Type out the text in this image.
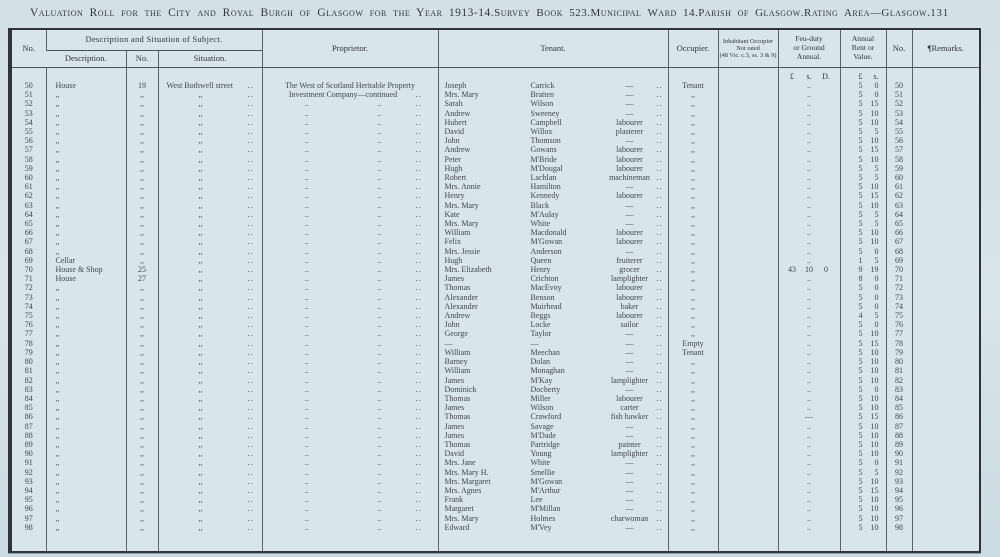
Valuation Roll for the City and Royal Burgh of Glasgow for the Year 1913-14. Survey Book 523. Municipal Ward 14. Parish of Glasgow. Rating Area—Glasgow. 131
No.	Description and Situation of Subject.	Proprietor.	Tenant.	Occupier.	
Inhabitant Occupier
Not rated
(48 Vic. c.3, ss. 3 & 9)

Feu-duty
or Ground
Annual.

Annual
Rent or
Value.
	No.	¶Remarks.
	Description.	No.	Situation.								

								£ s. D.	£ s.		

50	House	19	West Bothwell street ..	The West of Scotland Heritable Property	Joseph Carrick — ..	Tenant		..	5 0	50	
51	,,	,,	,, ..	Investment Company—continued ..	Mrs. Mary Bratten — ..	,,		..	5 0	51	
52	,,	,,	,, ..	.. .. ..	Sarah Wilson — ..	,,		..	5 15	52	
53	,,	,,	,, ..	.. .. ..	Andrew Sweeney — ..	,,		..	5 10	53	
54	,,	,,	,, ..	.. .. ..	Hubert Campbell labourer ..	,,		..	5 10	54	
55	,,	,,	,, ..	.. .. ..	David Willox plasterer ..	,,		..	5 5	55	
56	,,	,,	,, ..	.. .. ..	John Thomson — ..	,,		..	5 10	56	
57	,,	,,	,, ..	.. .. ..	Andrew Gowans labourer ..	,,		..	5 15	57	
58	,,	,,	,, ..	.. .. ..	Peter M'Bride labourer ..	,,		..	5 10	58	
59	,,	,,	,, ..	.. .. ..	Hugh M'Dougal labourer ..	,,		..	5 5	59	
60	,,	,,	,, ..	.. .. ..	Robert Lachlan machineman ..	,,		..	5 5	60	
61	,,	,,	,, ..	.. .. ..	Mrs. Annie Hamilton — ..	,,		..	5 10	61	
62	,,	,,	,, ..	.. .. ..	Henry Kennedy labourer ..	,,		..	5 15	62	
63	,,	,,	,, ..	.. .. ..	Mrs. Mary Black — ..	,,		..	5 10	63	
64	,,	,,	,, ..	.. .. ..	Kate M'Aulay — ..	,,		..	5 5	64	
65	,,	,,	,, ..	.. .. ..	Mrs. Mary White — ..	,,		..	5 5	65	
66	,,	,,	,, ..	.. .. ..	William Macdonald labourer ..	,,		..	5 10	66	
67	,,	,,	,, ..	.. .. ..	Felix M'Gowan labourer ..	,,		..	5 10	67	
68	,,	,,	,, ..	.. .. ..	Mrs. Jessie Anderson — ..	,,		..	5 0	68	
69	Cellar	,,	,, ..	.. .. ..	Hugh Queen fruiterer ..	,,		..	1 5	69	
70	House & Shop	25	,, ..	.. .. ..	Mrs. Elizabeth Henry grocer ..	,,		43 10 0	9 19	70	
71	House	27	,, ..	.. .. ..	James Crichton lamplighter ..	,,		..	8 0	71	
72	,,	,,	,, ..	.. .. ..	Thomas MacEvoy labourer ..	,,		..	5 0	72	
73	,,	,,	,, ..	.. .. ..	Alexander Benson labourer ..	,,		..	5 0	73	
74	,,	,,	,, ..	.. .. ..	Alexander Muirhead baker ..	,,		..	5 0	74	
75	,,	,,	,, ..	.. .. ..	Andrew Beggs labourer ..	,,		..	4 5	75	
76	,,	,,	,, ..	.. .. ..	John Locke sailor ..	,,		..	5 0	76	
77	,,	,,	,, ..	.. .. ..	George Taylor — ..	,,		..	5 10	77	
78	,,	,,	,, ..	.. .. ..	— — — ..	Empty		..	5 15	78	
79	,,	,,	,, ..	.. .. ..	William Meechan — ..	Tenant		..	5 10	79	
80	,,	,,	,, ..	.. .. ..	Barney Dolan — ..	,,		..	5 10	80	
81	,,	,,	,, ..	.. .. ..	William Monaghan — ..	,,		..	5 10	81	
82	,,	,,	,, ..	.. .. ..	James M'Kay lamplighter ..	,,		..	5 10	82	
83	,,	,,	,, ..	.. .. ..	Dominick Docherty — ..	,,		..	5 0	83	
84	,,	,,	,, ..	.. .. ..	Thomas Miller labourer ..	,,		..	5 10	84	
85	,,	,,	,, ..	.. .. ..	James Wilson carter ..	,,		..	5 10	85	
86	,,	,,	,, ..	.. .. ..	Thomas Crawford fish hawker ..	,,		—	5 15	86	
87	,,	,,	,, ..	.. .. ..	James Savage — ..	,,		..	5 10	87	
88	,,	,,	,, ..	.. .. ..	James M'Dade — ..	,,		..	5 10	88	
89	,,	,,	,, ..	.. .. ..	Thomas Partridge painter ..	,,		..	5 10	89	
90	,,	,,	,, ..	.. .. ..	David Young lamplighter ..	,,		..	5 10	90	
91	,,	,,	,, ..	.. .. ..	Mrs. Jane White — ..	,,		..	5 0	91	
92	,,	,,	,, ..	.. .. ..	Mrs. Mary H. Smellie — ..	,,		..	5 5	92	
93	,,	,,	,, ..	.. .. ..	Mrs. Margaret M'Gowan — ..	,,		..	5 10	93	
94	,,	,,	,, ..	.. .. ..	Mrs. Agnes M'Arthur — ..	,,		..	5 15	94	
95	,,	,,	,, ..	.. .. ..	Frank Lee — ..	,,		..	5 10	95	
96	,,	,,	,, ..	.. .. ..	Margaret M'Millan — ..	,,		..	5 10	96	
97	,,	,,	,, ..	.. .. ..	Mrs. Mary Holmes charwoman ..	,,		..	5 10	97	
98	,,	,,	,, ..	.. .. ..	Edward M'Vey — ..	,,		..	5 10	98	
